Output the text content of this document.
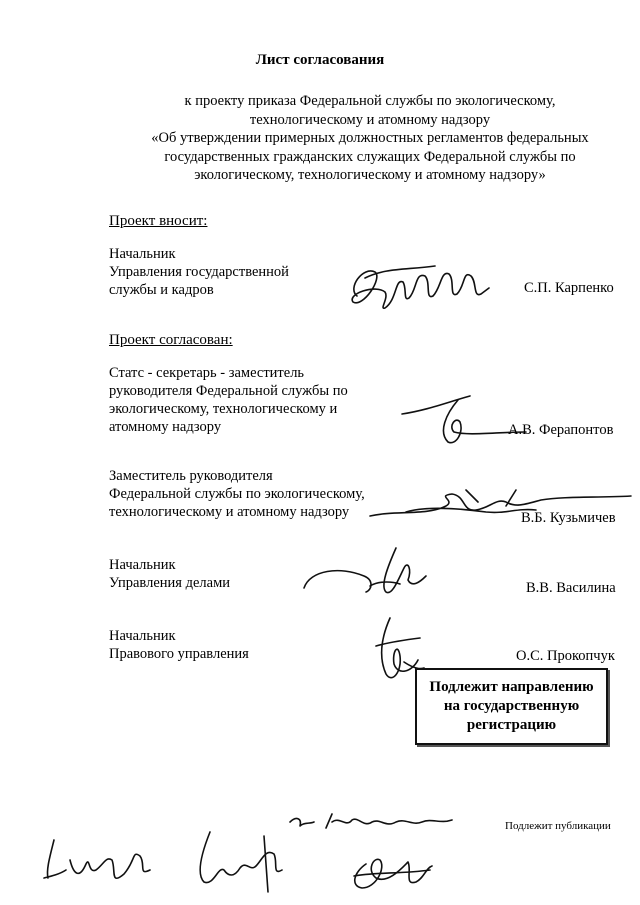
Лист согласования
к проекту приказа Федеральной службы по экологическому,
технологическому и атомному надзору
«Об утверждении примерных должностных регламентов федеральных
государственных гражданских служащих Федеральной службы по
экологическому, технологическому и атомному надзору»
Проект вносит:
Начальник
Управления государственной
службы и кадров	С.П. Карпенко
Проект согласован:
Статс - секретарь - заместитель
руководителя Федеральной службы по
экологическому, технологическому и
атомному надзору	А.В. Ферапонтов
Заместитель руководителя
Федеральной службы по экологическому,
технологическому и атомному надзору	В.Б. Кузьмичев
Начальник
Управления делами	В.В. Василина
Начальник
Правового управления	О.С. Прокопчук
Подлежит направлению
на государственную
регистрацию
Подлежит публикации
